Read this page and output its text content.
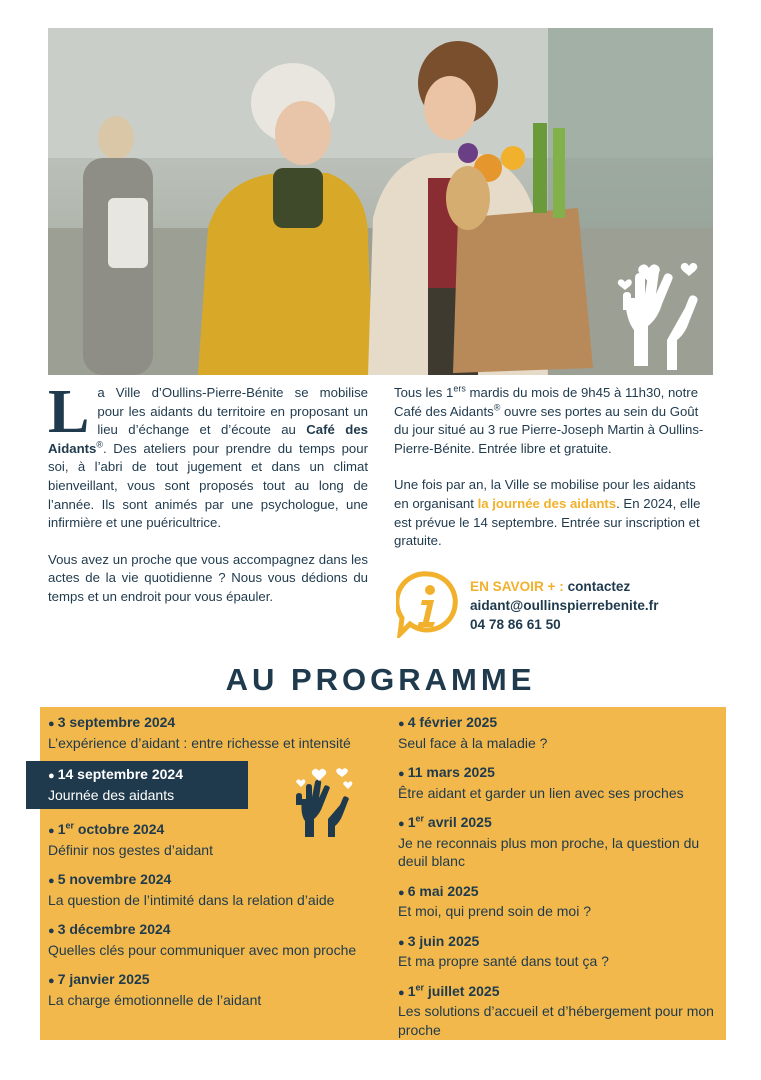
L a Ville d’Oullins-Pierre-Bénite se mobilise pour les aidants du territoire en proposant un lieu d’échange et d’écoute au Café des Aidants®. Des ateliers pour prendre du temps pour soi, à l’abri de tout jugement et dans un climat bienveillant, vous sont proposés tout au long de l’année. Ils sont animés par une psychologue, une infirmière et une puéricultrice.

Vous avez un proche que vous accompagnez dans les actes de la vie quotidienne ? Nous vous dédions du temps et un endroit pour vous épauler.

Tous les 1ers mardis du mois de 9h45 à 11h30, notre Café des Aidants® ouvre ses portes au sein du Goût du jour situé au 3 rue Pierre-Joseph Martin à Oullins-Pierre-Bénite. Entrée libre et gratuite.

Une fois par an, la Ville se mobilise pour les aidants en organisant la journée des aidants. En 2024, elle est prévue le 14 septembre. Entrée sur inscription et gratuite.

EN SAVOIR + : contactez
aidant@oullinspierrebenite.fr
04 78 86 61 50
AU PROGRAMME
● 3 septembre 2024
L’expérience d’aidant : entre richesse et intensité
● 14 septembre 2024
Journée des aidants
● 1er octobre 2024
Définir nos gestes d’aidant
● 5 novembre 2024
La question de l’intimité dans la relation d’aide
● 3 décembre 2024
Quelles clés pour communiquer avec mon proche
● 7 janvier 2025
La charge émotionnelle de l’aidant
● 4 février 2025
Seul face à la maladie ?
● 11 mars 2025
Être aidant et garder un lien avec ses proches
● 1er avril 2025
Je ne reconnais plus mon proche, la question du deuil blanc
● 6 mai 2025
Et moi, qui prend soin de moi ?
● 3 juin 2025
Et ma propre santé dans tout ça ?
● 1er juillet 2025
Les solutions d’accueil et d’hébergement pour mon proche
